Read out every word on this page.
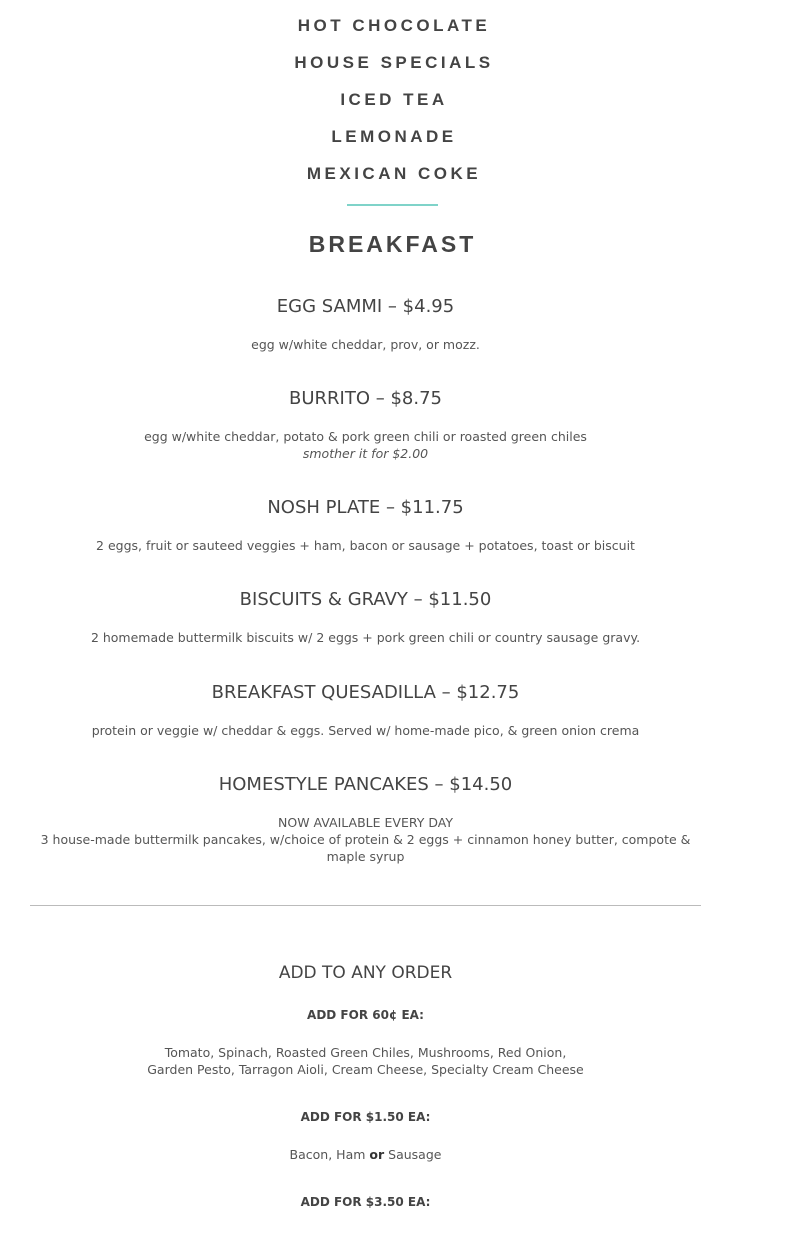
HOT CHOCOLATE
HOUSE SPECIALS
ICED TEA
LEMONADE
MEXICAN COKE
BREAKFAST
EGG SAMMI – $4.95
egg w/white cheddar, prov, or mozz.
BURRITO – $8.75
egg w/white cheddar, potato & pork green chili or roasted green chiles
smother it for $2.00
NOSH PLATE – $11.75
2 eggs, fruit or sauteed veggies + ham, bacon or sausage + potatoes, toast or biscuit
BISCUITS & GRAVY – $11.50
2 homemade buttermilk biscuits w/ 2 eggs + pork green chili or country sausage gravy.
BREAKFAST QUESADILLA – $12.75
protein or veggie w/ cheddar & eggs. Served w/ home-made pico, & green onion crema
HOMESTYLE PANCAKES – $14.50
NOW AVAILABLE EVERY DAY
3 house-made buttermilk pancakes, w/choice of protein & 2 eggs + cinnamon honey butter, compote & maple syrup
ADD TO ANY ORDER
ADD FOR 60¢ EA:
Tomato, Spinach, Roasted Green Chiles, Mushrooms, Red Onion,
Garden Pesto, Tarragon Aioli, Cream Cheese, Specialty Cream Cheese
ADD FOR $1.50 EA:
Bacon, Ham or Sausage
ADD FOR $3.50 EA:
